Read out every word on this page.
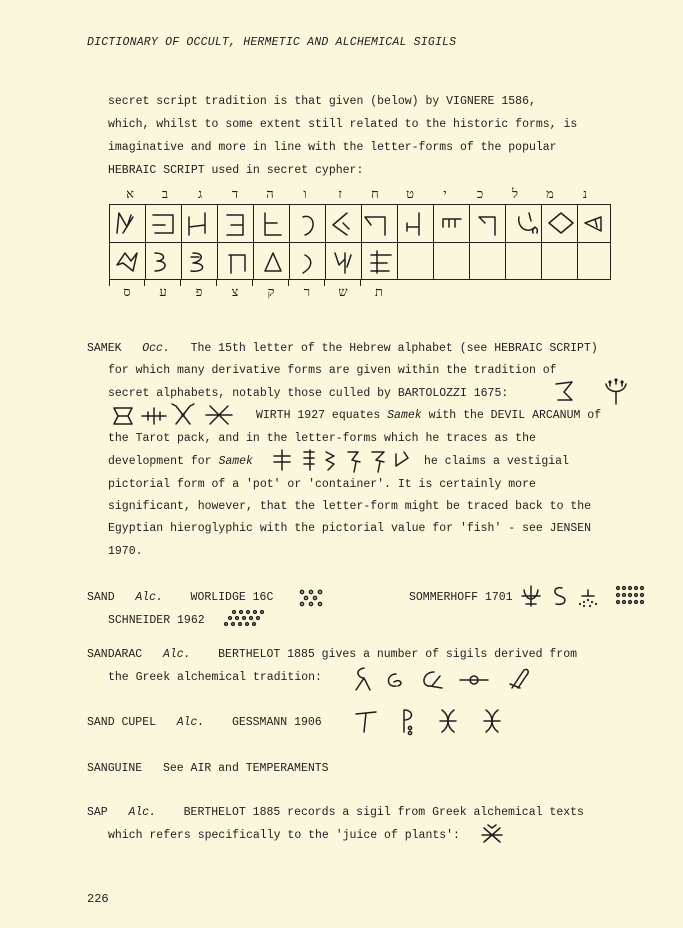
DICTIONARY OF OCCULT, HERMETIC AND ALCHEMICAL SIGILS
secret script tradition is that given (below) by VIGNERE 1586,
which, whilst to some extent still related to the historic forms, is
imaginative and more in line with the letter-forms of the popular
HEBRAIC SCRIPT used in secret cypher:
א	ב	ג	ד	ה	ו	ז	ח	ט	י	כ	ל	מ	נ
ס	ע	פ	צ	ק	ר	ש	ת
SAMEK Occ. The 15th letter of the Hebrew alphabet (see HEBRAIC SCRIPT)
for which many derivative forms are given within the tradition of
secret alphabets, notably those culled by BARTOLOZZI 1675:
WIRTH 1927 equates Samek with the DEVIL ARCANUM of
the Tarot pack, and in the letter-forms which he traces as the
development for Samek	he claims a vestigial
pictorial form of a 'pot' or 'container'. It is certainly more
significant, however, that the letter-form might be traced back to the
Egyptian hieroglyphic with the pictorial value for 'fish' - see JENSEN
1970.
SAND Alc. WORLIDGE 16C	SOMMERHOFF 1701
SCHNEIDER 1962
SANDARAC Alc. BERTHELOT 1885 gives a number of sigils derived from
the Greek alchemical tradition:
SAND CUPEL Alc. GESSMANN 1906
SANGUINE See AIR and TEMPERAMENTS
SAP Alc. BERTHELOT 1885 records a sigil from Greek alchemical texts
which refers specifically to the 'juice of plants':
226
